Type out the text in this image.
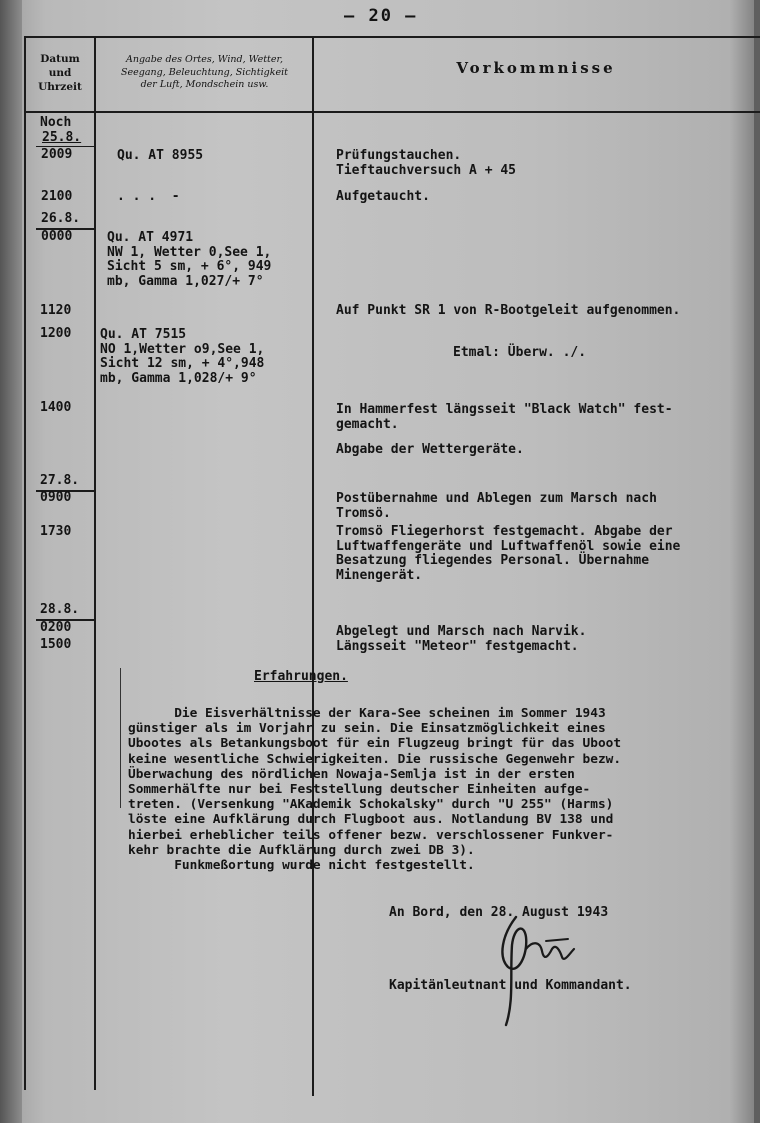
– 20 –
Datum
und
Uhrzeit
Angabe des Ortes, Wind, Wetter,
Seegang, Beleuchtung, Sichtigkeit
der Luft, Mondschein usw.
Vorkommnisse
Noch
25.8.
2009
2100
26.8.
0000
1120
1200
1400
27.8.
0900
1730
28.8.
0200
1500
Qu. AT 8955
. . .  -
Qu. AT 4971
NW 1, Wetter 0,See 1,
Sicht 5 sm, + 6°, 949
mb, Gamma 1,027/+ 7°
Qu. AT 7515
NO 1,Wetter o9,See 1,
Sicht 12 sm, + 4°,948
mb, Gamma 1,028/+ 9°
Prüfungstauchen.
Tieftauchversuch A + 45
Aufgetaucht.
Auf Punkt SR 1 von R-Bootgeleit aufgenommen.
Etmal: Überw. ./.
In Hammerfest längsseit "Black Watch" fest-
gemacht.
Abgabe der Wettergeräte.
Postübernahme und Ablegen zum Marsch nach
Tromsö.
Tromsö Fliegerhorst festgemacht. Abgabe der
Luftwaffengeräte und Luftwaffenöl sowie eine
Besatzung fliegendes Personal. Übernahme
Minengerät.
Abgelegt und Marsch nach Narvik.
Längsseit "Meteor" festgemacht.
Erfahrungen.
Die Eisverhältnisse der Kara-See scheinen im Sommer 1943
günstiger als im Vorjahr zu sein. Die Einsatzmöglichkeit eines
Ubootes als Betankungsboot für ein Flugzeug bringt für das Uboot
keine wesentliche Schwierigkeiten. Die russische Gegenwehr bezw.
Überwachung des nördlichen Nowaja-Semlja ist in der ersten
Sommerhälfte nur bei Feststellung deutscher Einheiten aufge-
treten. (Versenkung "AKademik Schokalsky" durch "U 255" (Harms)
löste eine Aufklärung durch Flugboot aus. Notlandung BV 138 und
hierbei erheblicher teils offener bezw. verschlossener Funkver-
kehr brachte die Aufklärung durch zwei DB 3).
Funkmeßortung wurde nicht festgestellt.
An Bord, den 28. August 1943
Kapitänleutnant und Kommandant.
